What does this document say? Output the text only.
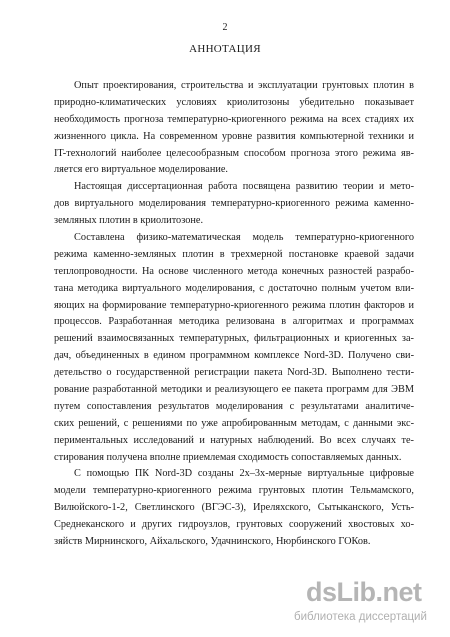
2
АННОТАЦИЯ
Опыт проектирования, строительства и эксплуатации грунтовых плотин в
природно-климатических условиях криолитозоны убедительно показывает
необходимость прогноза температурно-криогенного режима на всех стадиях их
жизненного цикла. На современном уровне развития компьютерной техники и
IT-технологий наиболее целесообразным способом прогноза этого режима яв-
ляется его виртуальное моделирование.
Настоящая диссертационная работа посвящена развитию теории и мето-
дов виртуального моделирования температурно-криогенного режима каменно-
земляных плотин в криолитозоне.
Составлена физико-математическая модель температурно-криогенного
режима каменно-земляных плотин в трехмерной постановке краевой задачи
теплопроводности. На основе численного метода конечных разностей разрабо-
тана методика виртуального моделирования, с достаточно полным учетом вли-
яющих на формирование температурно-криогенного режима плотин факторов и
процессов. Разработанная методика релизована в алгоритмах и программах
решений взаимосвязанных температурных, фильтрационных и криогенных за-
дач, объединенных в едином программном комплексе Nord-3D. Получено сви-
детельство о государственной регистрации пакета Nord-3D. Выполнено тести-
рование разработанной методики и реализующего ее пакета программ для ЭВМ
путем сопоставления результатов моделирования с результатами аналитиче-
ских решений, с решениями по уже апробированным методам, с данными экс-
периментальных исследований и натурных наблюдений. Во всех случаях те-
стирования получена вполне приемлемая сходимость сопоставляемых данных.
С помощью ПК Nord-3D созданы 2х–3х-мерные виртуальные цифровые
модели температурно-криогенного режима грунтовых плотин Тельмамского,
Вилюйского-1-2, Светлинского (ВГЭС-3), Иреляхского, Сытыканского, Усть-
Среднеканского и других гидроузлов, грунтовых сооружений хвостовых хо-
зяйств Мирнинского, Айхальского, Удачнинского, Нюрбинского ГОКов.
dsLib.net
библиотека диссертаций
